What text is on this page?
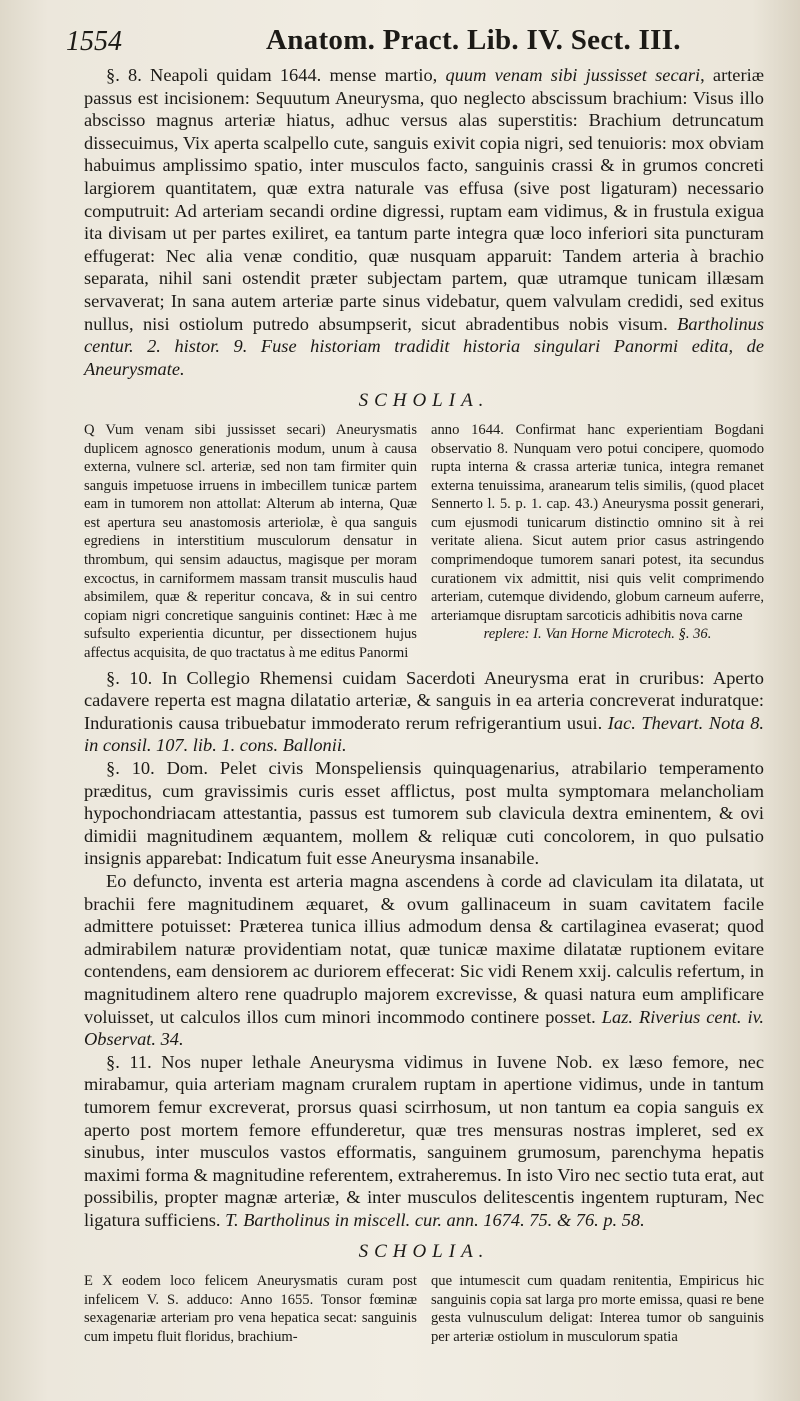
1554	Anatom. Pract. Lib. IV. Sect. III.

§. 8. Neapoli quidam 1644. mense martio, quum venam sibi jussisset secari, arteriæ passus est incisionem: Sequutum Aneurysma, quo neglecto abscissum brachium: Visus illo abscisso magnus arteriæ hiatus, adhuc versus alas superstitis: Brachium detruncatum dissecuimus, Vix aperta scalpello cute, sanguis exivit copia nigri, sed tenuioris: mox obviam habuimus amplissimo spatio, inter musculos facto, sanguinis crassi & in grumos concreti largiorem quantitatem, quæ extra naturale vas effusa (sive post ligaturam) necessario computruit: Ad arteriam secandi ordine digressi, ruptam eam vidimus, & in frustula exigua ita divisam ut per partes exiliret, ea tantum parte integra quæ loco inferiori sita puncturam effugerat: Nec alia venæ conditio, quæ nusquam apparuit: Tandem arteria à brachio separata, nihil sani ostendit præter subjectam partem, quæ utramque tunicam illæsam servaverat; In sana autem arteriæ parte sinus videbatur, quem valvulam credidi, sed exitus nullus, nisi ostiolum putredo absumpserit, sicut abradentibus nobis visum. Bartholinus centur. 2. histor. 9. Fuse historiam tradidit historia singulari Panormi edita, de Aneurysmate.

SCHOLIA.

Q Vum venam sibi jussisset secari) Aneurysmatis duplicem agnosco generationis modum, unum à causa externa, vulnere scl. arteriæ, sed non tam firmiter quin sanguis impetuose irruens in imbecillem tunicæ partem eam in tumorem non attollat: Alterum ab interna, Quæ est apertura seu anastomosis arteriolæ, è qua sanguis egrediens in interstitium musculorum densatur in thrombum, qui sensim adauctus, magisque per moram excoctus, in carniformem massam transit musculis haud absimilem, quæ & reperitur concava, & in sui centro copiam nigri concretique sanguinis continet: Hæc à me sufsulto experientia dicuntur, per dissectionem hujus affectus acquisita, de quo tractatus à me editus Panormi

anno 1644. Confirmat hanc experientiam Bogdani observatio 8. Nunquam vero potui concipere, quomodo rupta interna & crassa arteriæ tunica, integra remanet externa tenuissima, aranearum telis similis, (quod placet Sennerto l. 5. p. 1. cap. 43.) Aneurysma possit generari, cum ejusmodi tunicarum distinctio omnino sit à rei veritate aliena. Sicut autem prior casus astringendo comprimendoque tumorem sanari potest, ita secundus curationem vix admittit, nisi quis velit comprimendo arteriam, cutemque dividendo, globum carneum auferre, arteriamque disruptam sarcoticis adhibitis nova carne

replere: I. Van Horne Microtech. §. 36.

§. 10. In Collegio Rhemensi cuidam Sacerdoti Aneurysma erat in cruribus: Aperto cadavere reperta est magna dilatatio arteriæ, & sanguis in ea arteria concreverat induratque: Indurationis causa tribuebatur immoderato rerum refrigerantium usui. Iac. Thevart. Nota 8. in consil. 107. lib. 1. cons. Ballonii.

§. 10. Dom. Pelet civis Monspeliensis quinquagenarius, atrabilario temperamento præditus, cum gravissimis curis esset afflictus, post multa symptomara melancholiam hypochondriacam attestantia, passus est tumorem sub clavicula dextra eminentem, & ovi dimidii magnitudinem æquantem, mollem & reliquæ cuti concolorem, in quo pulsatio insignis apparebat: Indicatum fuit esse Aneurysma insanabile.

Eo defuncto, inventa est arteria magna ascendens à corde ad claviculam ita dilatata, ut brachii fere magnitudinem æquaret, & ovum gallinaceum in suam cavitatem facile admittere potuisset: Præterea tunica illius admodum densa & cartilaginea evaserat; quod admirabilem naturæ providentiam notat, quæ tunicæ maxime dilatatæ ruptionem evitare contendens, eam densiorem ac duriorem effecerat: Sic vidi Renem xxij. calculis refertum, in magnitudinem altero rene quadruplo majorem excrevisse, & quasi natura eum amplificare voluisset, ut calculos illos cum minori incommodo continere posset. Laz. Riverius cent. iv. Observat. 34.

§. 11. Nos nuper lethale Aneurysma vidimus in Iuvene Nob. ex læso femore, nec mirabamur, quia arteriam magnam cruralem ruptam in apertione vidimus, unde in tantum tumorem femur excreverat, prorsus quasi scirrhosum, ut non tantum ea copia sanguis ex aperto post mortem femore effunderetur, quæ tres mensuras nostras impleret, sed ex sinubus, inter musculos vastos efformatis, sanguinem grumosum, parenchyma hepatis maximi forma & magnitudine referentem, extraheremus. In isto Viro nec sectio tuta erat, aut possibilis, propter magnæ arteriæ, & inter musculos delitescentis ingentem rupturam, Nec ligatura sufficiens. T. Bartholinus in miscell. cur. ann. 1674. 75. & 76. p. 58.

SCHOLIA.

E X eodem loco felicem Aneurysmatis curam post infelicem V. S. adduco: Anno 1655. Tonsor fœminæ sexagenariæ arteriam pro vena hepatica secat: sanguinis cum impetu fluit floridus, brachium-

que intumescit cum quadam renitentia, Empiricus hic sanguinis copia sat larga pro morte emissa, quasi re bene gesta vulnusculum deligat: Interea tumor ob sanguinis per arteriæ ostiolum in musculorum spatia
